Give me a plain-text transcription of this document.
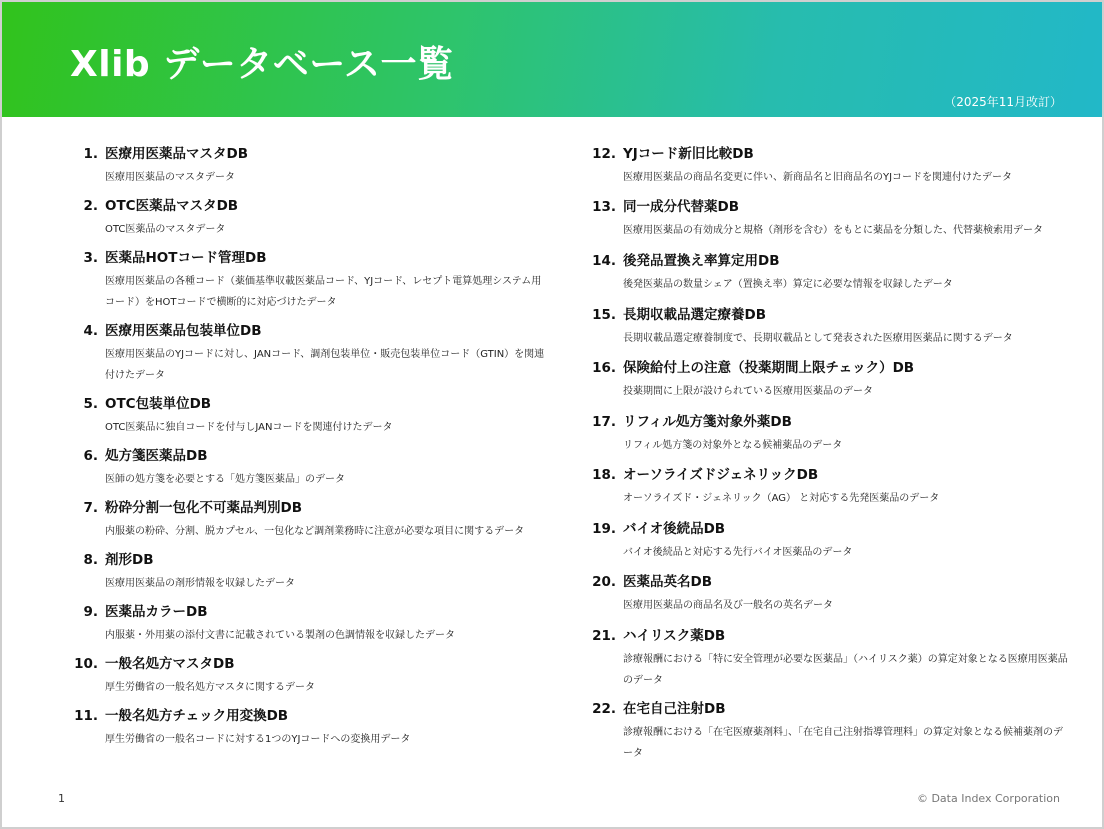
Xlib データベース一覧
（2025年11月改訂）
1. 医療用医薬品マスタDB
医療用医薬品のマスタデータ
2. OTC医薬品マスタDB
OTC医薬品のマスタデータ
3. 医薬品HOTコード管理DB
医療用医薬品の各種コード（薬価基準収載医薬品コード、YJコード、レセプト電算処理システム用コード）をHOTコードで横断的に対応づけたデータ
4. 医療用医薬品包装単位DB
医療用医薬品のYJコードに対し、JANコード、調剤包装単位・販売包装単位コード（GTIN）を関連付けたデータ
5. OTC包装単位DB
OTC医薬品に独自コードを付与しJANコードを関連付けたデータ
6. 処方箋医薬品DB
医師の処方箋を必要とする「処方箋医薬品」のデータ
7. 粉砕分割一包化不可薬品判別DB
内服薬の粉砕、分割、脱カプセル、一包化など調剤業務時に注意が必要な項目に関するデータ
8. 剤形DB
医療用医薬品の剤形情報を収録したデータ
9. 医薬品カラーDB
内服薬・外用薬の添付文書に記載されている製剤の色調情報を収録したデータ
10. 一般名処方マスタDB
厚生労働省の一般名処方マスタに関するデータ
11. 一般名処方チェック用変換DB
厚生労働省の一般名コードに対する1つのYJコードへの変換用データ
12. YJコード新旧比較DB
医療用医薬品の商品名変更に伴い、新商品名と旧商品名のYJコードを関連付けたデータ
13. 同一成分代替薬DB
医療用医薬品の有効成分と規格（剤形を含む）をもとに薬品を分類した、代替薬検索用データ
14. 後発品置換え率算定用DB
後発医薬品の数量シェア（置換え率）算定に必要な情報を収録したデータ
15. 長期収載品選定療養DB
長期収載品選定療養制度で、長期収載品として発表された医療用医薬品に関するデータ
16. 保険給付上の注意（投薬期間上限チェック）DB
投薬期間に上限が設けられている医療用医薬品のデータ
17. リフィル処方箋対象外薬DB
リフィル処方箋の対象外となる候補薬品のデータ
18. オーソライズドジェネリックDB
オーソライズド・ジェネリック（AG） と対応する先発医薬品のデータ
19. バイオ後続品DB
バイオ後続品と対応する先行バイオ医薬品のデータ
20. 医薬品英名DB
医療用医薬品の商品名及び一般名の英名データ
21. ハイリスク薬DB
診療報酬における「特に安全管理が必要な医薬品」（ハイリスク薬）の算定対象となる医療用医薬品のデータ
22. 在宅自己注射DB
診療報酬における「在宅医療薬剤料」、「在宅自己注射指導管理料」の算定対象となる候補薬剤のデータ
1	© Data Index Corporation
